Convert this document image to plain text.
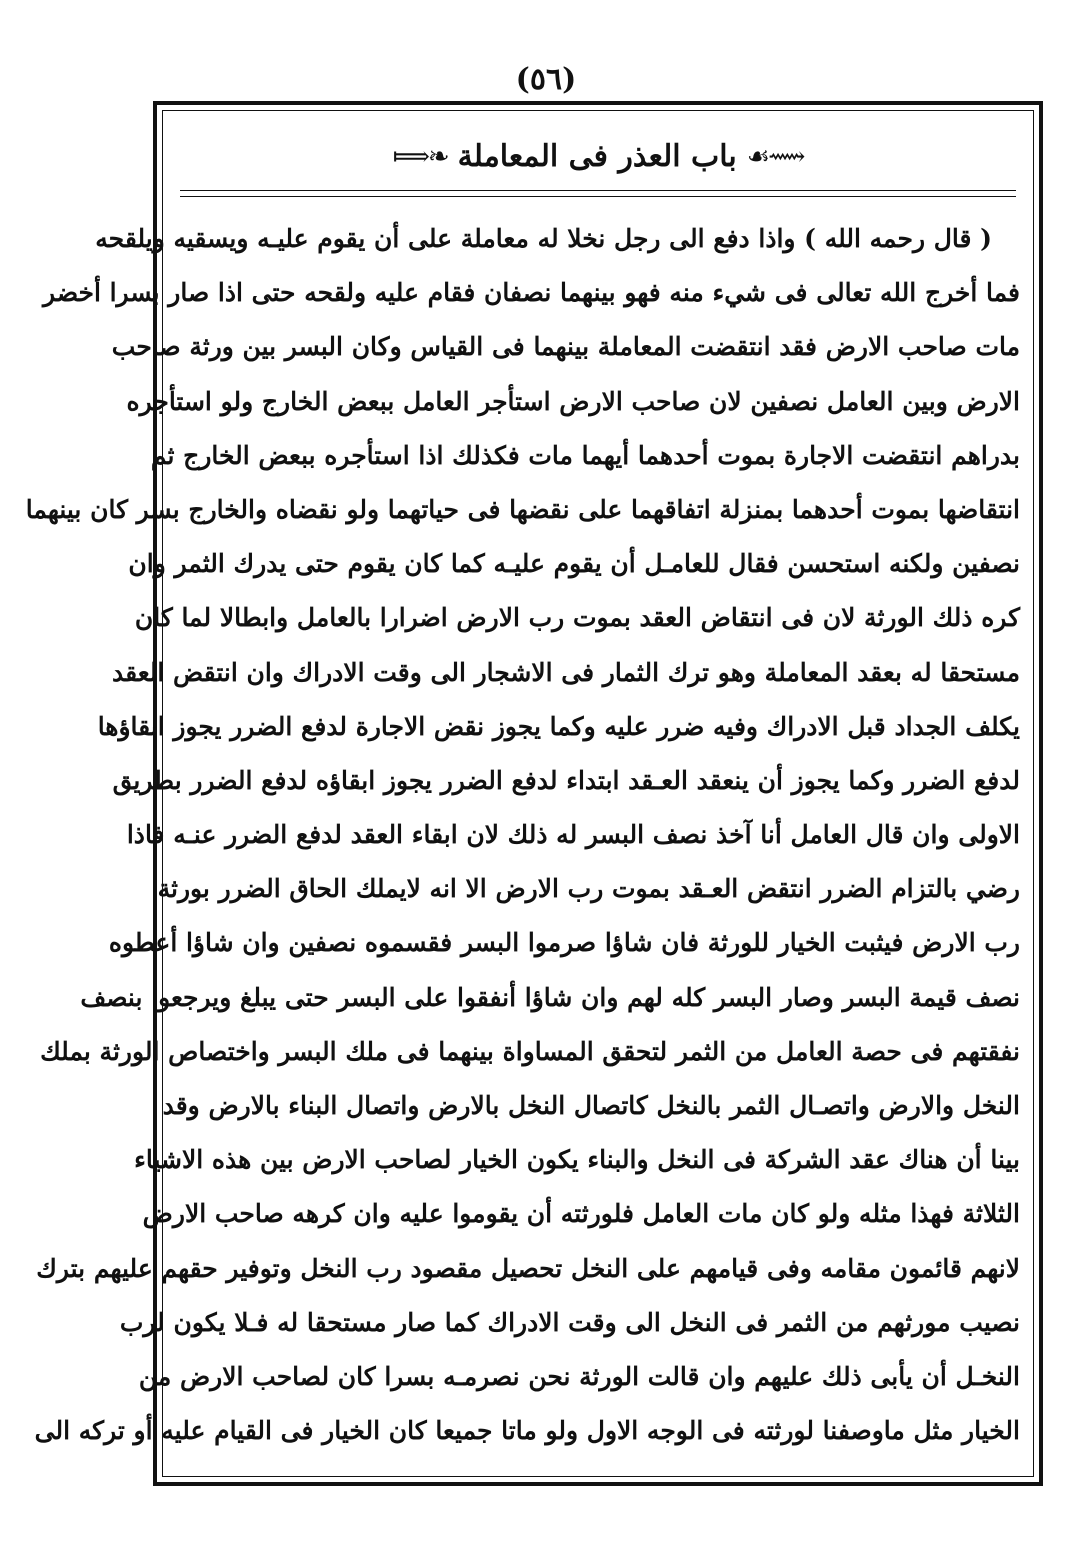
(٥٦)
⟿☙
باب العذر فى المعاملة
❧⟾
( قال رحمه الله ) واذا دفع الى رجل نخلا له معاملة على أن يقوم عليـه ويسقيه ويلقحه
فما أخرج الله تعالى فى شيء منه فهو بينهما نصفان فقام عليه ولقحه حتى اذا صار بسرا أخضر
مات صاحب الارض فقد انتقضت المعاملة بينهما فى القياس وكان البسر بين ورثة صاحب
الارض وبين العامل نصفين لان صاحب الارض استأجر العامل ببعض الخارج ولو استأجره
بدراهم انتقضت الاجارة بموت أحدهما أيهما مات فكذلك اذا استأجره ببعض الخارج ثم
انتقاضها بموت أحدهما بمنزلة اتفاقهما على نقضها فى حياتهما ولو نقضاه والخارج بسر كان بينهما
نصفين ولكنه استحسن فقال للعامـل أن يقوم عليـه كما كان يقوم حتى يدرك الثمر وان
كره ذلك الورثة لان فى انتقاض العقد بموت رب الارض اضرارا بالعامل وابطالا لما كان
مستحقا له بعقد المعاملة وهو ترك الثمار فى الاشجار الى وقت الادراك وان انتقض العقد
يكلف الجداد قبل الادراك وفيه ضرر عليه وكما يجوز نقض الاجارة لدفع الضرر يجوز ابقاؤها
لدفع الضرر وكما يجوز أن ينعقد العـقد ابتداء لدفع الضرر يجوز ابقاؤه لدفع الضرر بطريق
الاولى وان قال العامل أنا آخذ نصف البسر له ذلك لان ابقاء العقد لدفع الضرر عنـه فاذا
رضي بالتزام الضرر انتقض العـقد بموت رب الارض الا انه لايملك الحاق الضرر بورثة
رب الارض فيثبت الخيار للورثة فان شاؤا صرموا البسر فقسموه نصفين وان شاؤا أعطوه
نصف قيمة البسر وصار البسر كله لهم وان شاؤا أنفقوا على البسر حتى يبلغ ويرجعوا بنصف
نفقتهم فى حصة العامل من الثمر لتحقق المساواة بينهما فى ملك البسر واختصاص الورثة بملك
النخل والارض واتصـال الثمر بالنخل كاتصال النخل بالارض واتصال البناء بالارض وقد
بينا أن هناك عقد الشركة فى النخل والبناء يكون الخيار لصاحب الارض بين هذه الاشياء
الثلاثة فهذا مثله ولو كان مات العامل فلورثته أن يقوموا عليه وان كرهه صاحب الارض
لانهم قائمون مقامه وفى قيامهم على النخل تحصيل مقصود رب النخل وتوفير حقهم عليهم بترك
نصيب مورثهم من الثمر فى النخل الى وقت الادراك كما صار مستحقا له فـلا يكون لرب
النخـل أن يأبى ذلك عليهم وان قالت الورثة نحن نصرمـه بسرا كان لصاحب الارض من
الخيار مثل ماوصفنا لورثته فى الوجه الاول ولو ماتا جميعا كان الخيار فى القيام عليه أو تركه الى
